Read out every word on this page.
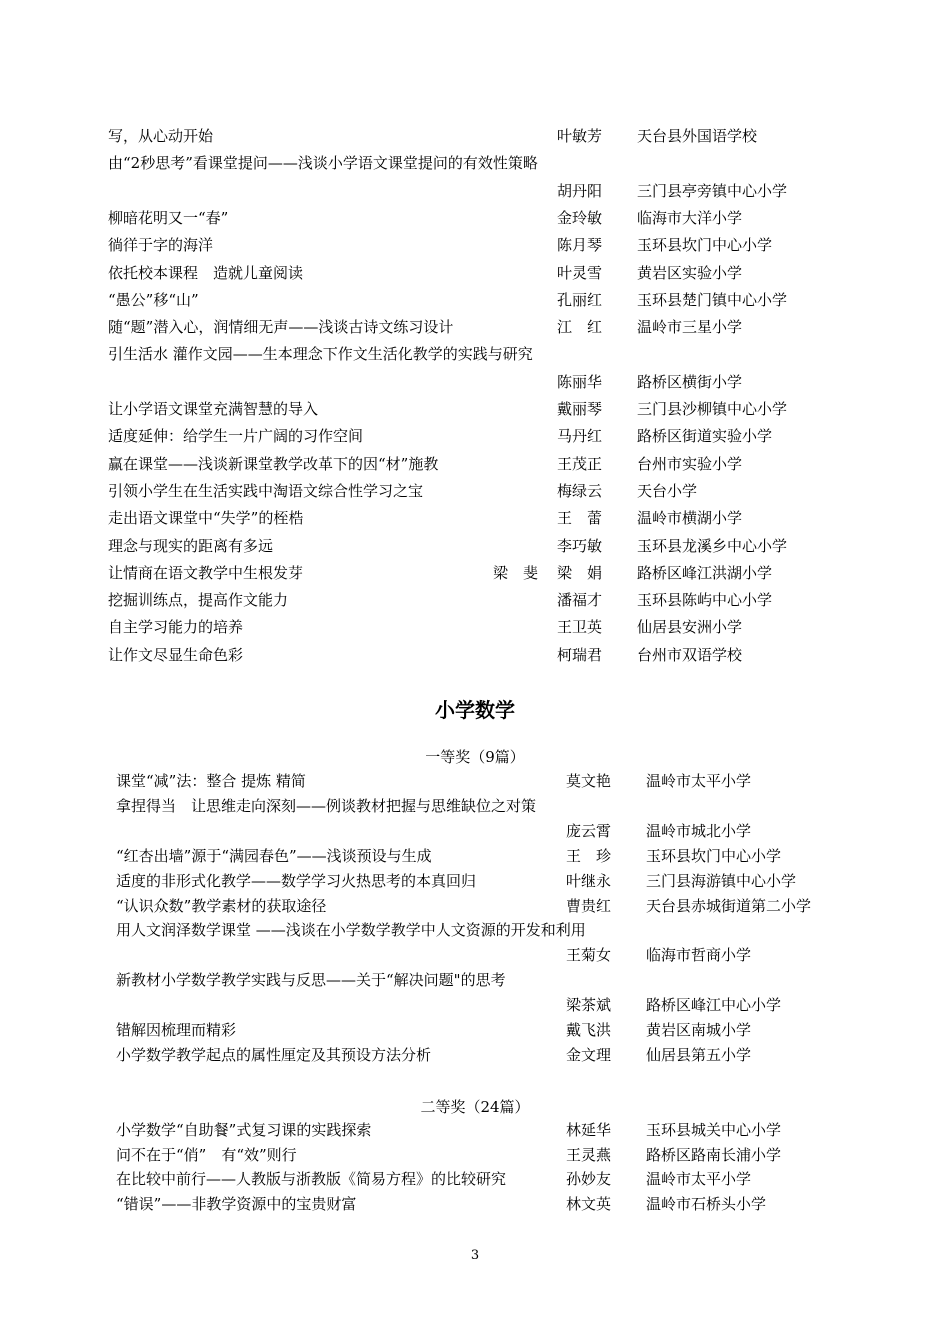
写，从心动开始	叶敏芳 天台县外国语学校
由“2秒思考”看课堂提问——浅谈小学语文课堂提问的有效性策略
胡丹阳 三门县亭旁镇中心小学
柳暗花明又一“春”	金玲敏 临海市大洋小学
徜徉于字的海洋	陈月琴 玉环县坎门中心小学
依托校本课程　造就儿童阅读	叶灵雪 黄岩区实验小学
“愚公”移“山”	孔丽红 玉环县楚门镇中心小学
随“题”潜入心，润情细无声——浅谈古诗文练习设计	江　红 温岭市三星小学
引生活水 灌作文园——生本理念下作文生活化教学的实践与研究
陈丽华 路桥区横街小学
让小学语文课堂充满智慧的导入	戴丽琴 三门县沙柳镇中心小学
适度延伸：给学生一片广阔的习作空间	马丹红 路桥区街道实验小学
赢在课堂——浅谈新课堂教学改革下的因“材”施教	王茂正 台州市实验小学
引领小学生在生活实践中淘语文综合性学习之宝	梅绿云 天台小学
走出语文课堂中“失学”的桎梏	王　蕾 温岭市横湖小学
理念与现实的距离有多远	李巧敏 玉环县龙溪乡中心小学
让情商在语文教学中生根发芽	梁　斐 梁　娟 路桥区峰江洪湖小学
挖掘训练点，提高作文能力	潘福才 玉环县陈屿中心小学
自主学习能力的培养	王卫英 仙居县安洲小学
让作文尽显生命色彩	柯瑞君 台州市双语学校
小学数学
一等奖（9篇）
课堂“减”法：整合 提炼 精简	莫文艳 温岭市太平小学
拿捏得当　让思维走向深刻——例谈教材把握与思维缺位之对策
庞云霄 温岭市城北小学
“红杏出墙”源于“满园春色”——浅谈预设与生成	王　珍 玉环县坎门中心小学
适度的非形式化教学——数学学习火热思考的本真回归	叶继永 三门县海游镇中心小学
“认识众数”教学素材的获取途径	曹贵红 天台县赤城街道第二小学
用人文润泽数学课堂 ——浅谈在小学数学教学中人文资源的开发和利用
王菊女 临海市哲商小学
新教材小学数学教学实践与反思——关于“解决问题"的思考
梁茶斌 路桥区峰江中心小学
错解因梳理而精彩	戴飞洪 黄岩区南城小学
小学数学教学起点的属性厘定及其预设方法分析	金文理 仙居县第五小学
二等奖（24篇）
小学数学“自助餐”式复习课的实践探索	林延华 玉环县城关中心小学
问不在于“俏”　有“效”则行	王灵燕 路桥区路南长浦小学
在比较中前行——人教版与浙教版《简易方程》的比较研究	孙妙友 温岭市太平小学
“错误”——非教学资源中的宝贵财富	林文英 温岭市石桥头小学
3
